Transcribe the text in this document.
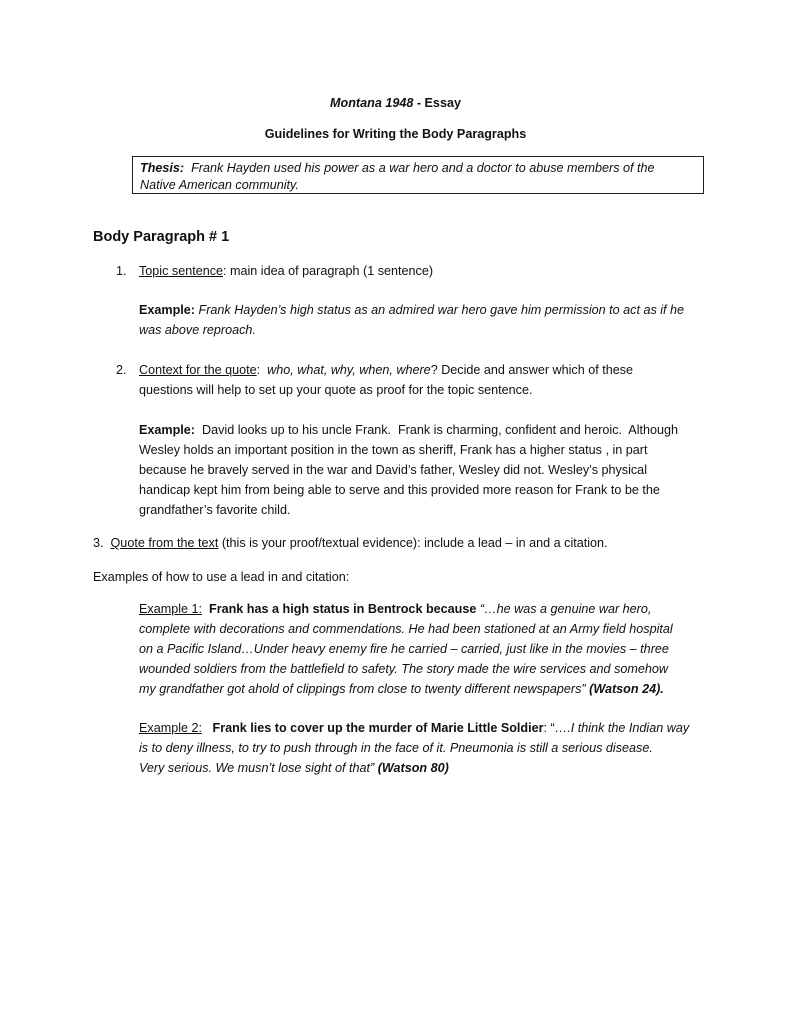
Montana 1948 - Essay
Guidelines for Writing the Body Paragraphs
Thesis: Frank Hayden used his power as a war hero and a doctor to abuse members of the
Native American community.
Body Paragraph # 1
1. Topic sentence: main idea of paragraph (1 sentence)
Example: Frank Hayden’s high status as an admired war hero gave him permission to act as if he
was above reproach.
2. Context for the quote:  who, what, why, when, where? Decide and answer which of these
questions will help to set up your quote as proof for the topic sentence.
Example:  David looks up to his uncle Frank.  Frank is charming, confident and heroic.  Although
Wesley holds an important position in the town as sheriff, Frank has a higher status , in part
because he bravely served in the war and David’s father, Wesley did not. Wesley’s physical
handicap kept him from being able to serve and this provided more reason for Frank to be the
grandfather’s favorite child.
3. Quote from the text (this is your proof/textual evidence): include a lead – in and a citation.
Examples of how to use a lead in and citation:
Example 1: Frank has a high status in Bentrock because “…he was a genuine war hero,
complete with decorations and commendations. He had been stationed at an Army field hospital
on a Pacific Island…Under heavy enemy fire he carried – carried, just like in the movies – three
wounded soldiers from the battlefield to safety. The story made the wire services and somehow
my grandfather got ahold of clippings from close to twenty different newspapers” (Watson 24).
Example 2: Frank lies to cover up the murder of Marie Little Soldier: “….I think the Indian way
is to deny illness, to try to push through in the face of it. Pneumonia is still a serious disease.
Very serious. We musn’t lose sight of that” (Watson 80)
